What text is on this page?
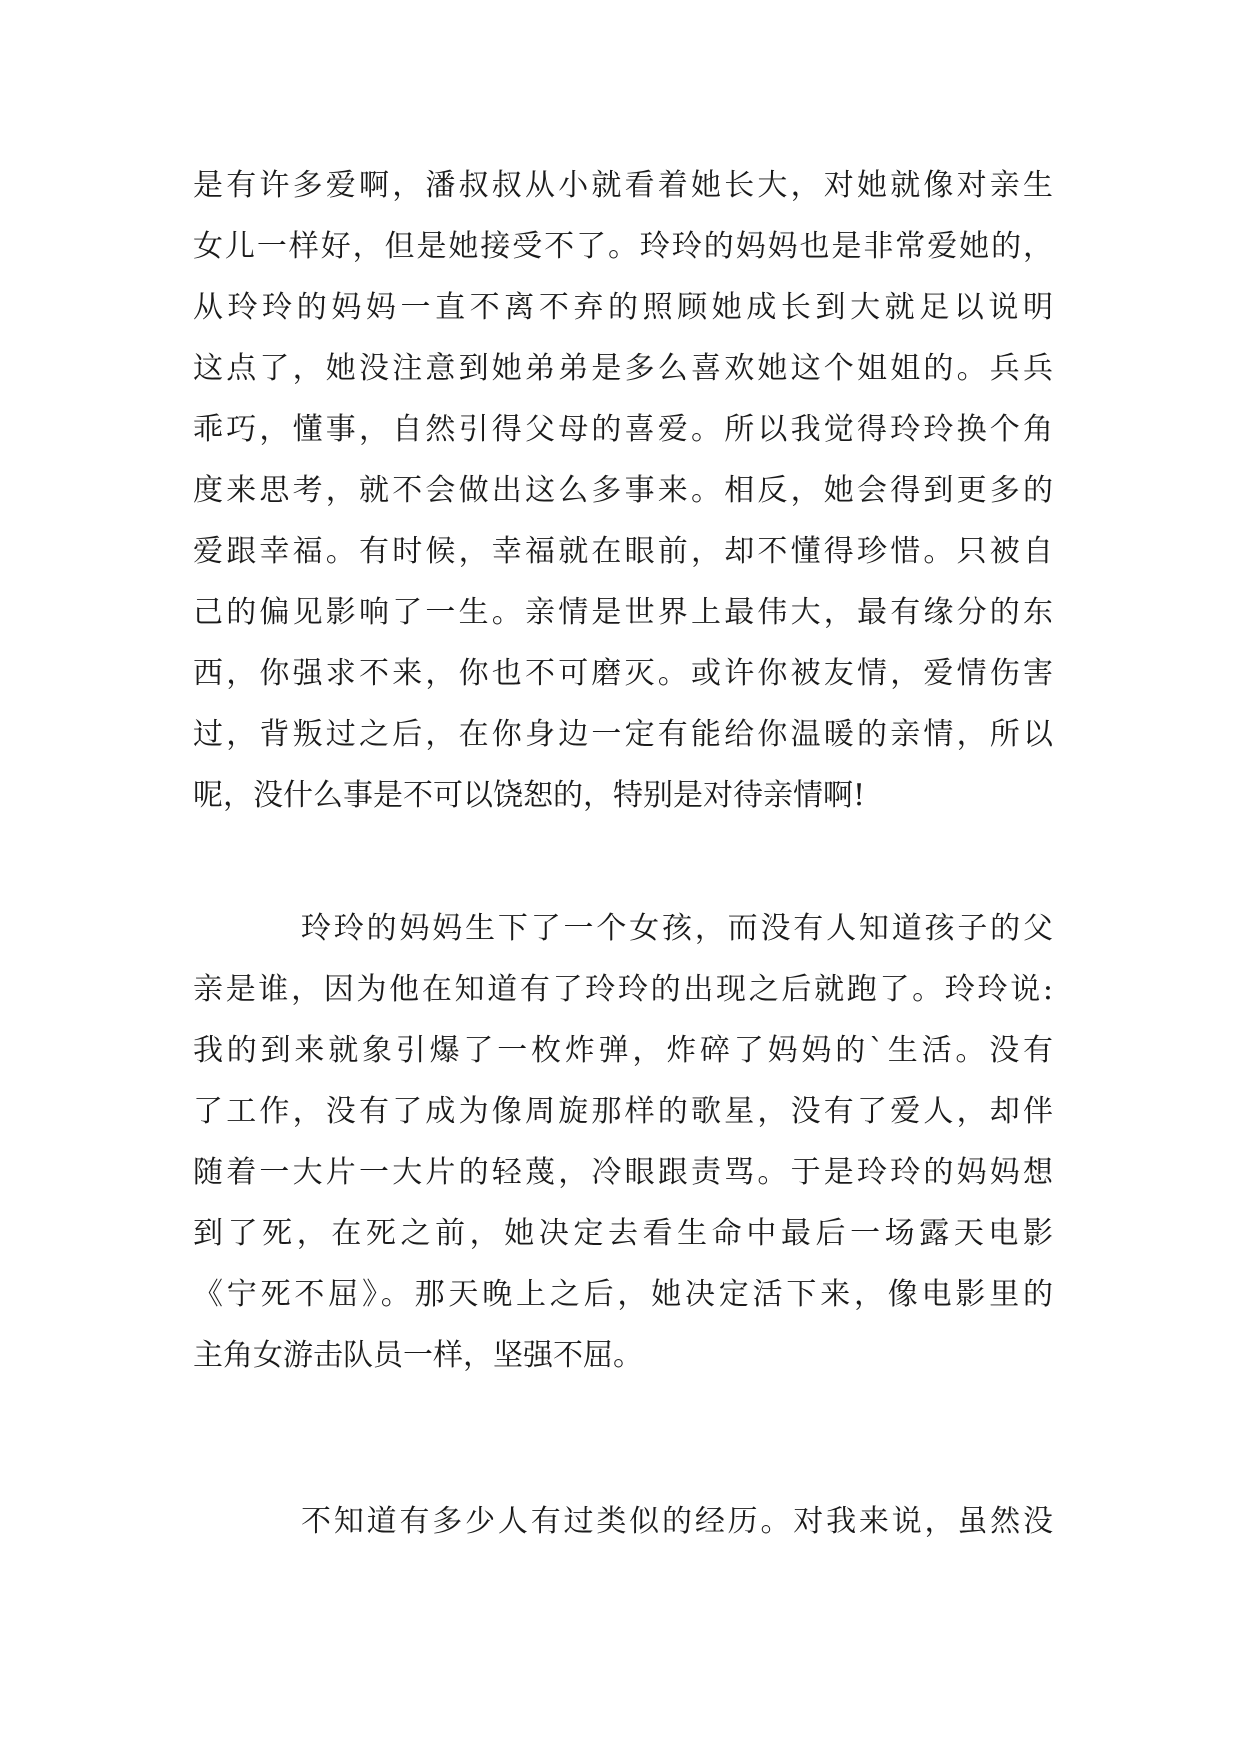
是有许多爱啊，潘叔叔从小就看着她长大，对她就像对亲生
女儿一样好，但是她接受不了。玲玲的妈妈也是非常爱她的，
从玲玲的妈妈一直不离不弃的照顾她成长到大就足以说明
这点了，她没注意到她弟弟是多么喜欢她这个姐姐的。兵兵
乖巧，懂事，自然引得父母的喜爱。所以我觉得玲玲换个角
度来思考，就不会做出这么多事来。相反，她会得到更多的
爱跟幸福。有时候，幸福就在眼前，却不懂得珍惜。只被自
己的偏见影响了一生。亲情是世界上最伟大，最有缘分的东
西，你强求不来，你也不可磨灭。或许你被友情，爱情伤害
过，背叛过之后，在你身边一定有能给你温暖的亲情，所以
呢，没什么事是不可以饶恕的，特别是对待亲情啊!
玲玲的妈妈生下了一个女孩，而没有人知道孩子的父
亲是谁，因为他在知道有了玲玲的出现之后就跑了。玲玲说:
我的到来就象引爆了一枚炸弹，炸碎了妈妈的`生活。没有
了工作，没有了成为像周旋那样的歌星，没有了爱人，却伴
随着一大片一大片的轻蔑，冷眼跟责骂。于是玲玲的妈妈想
到了死，在死之前，她决定去看生命中最后一场露天电影
《宁死不屈》。那天晚上之后，她决定活下来，像电影里的
主角女游击队员一样，坚强不屈。
不知道有多少人有过类似的经历。对我来说，虽然没
